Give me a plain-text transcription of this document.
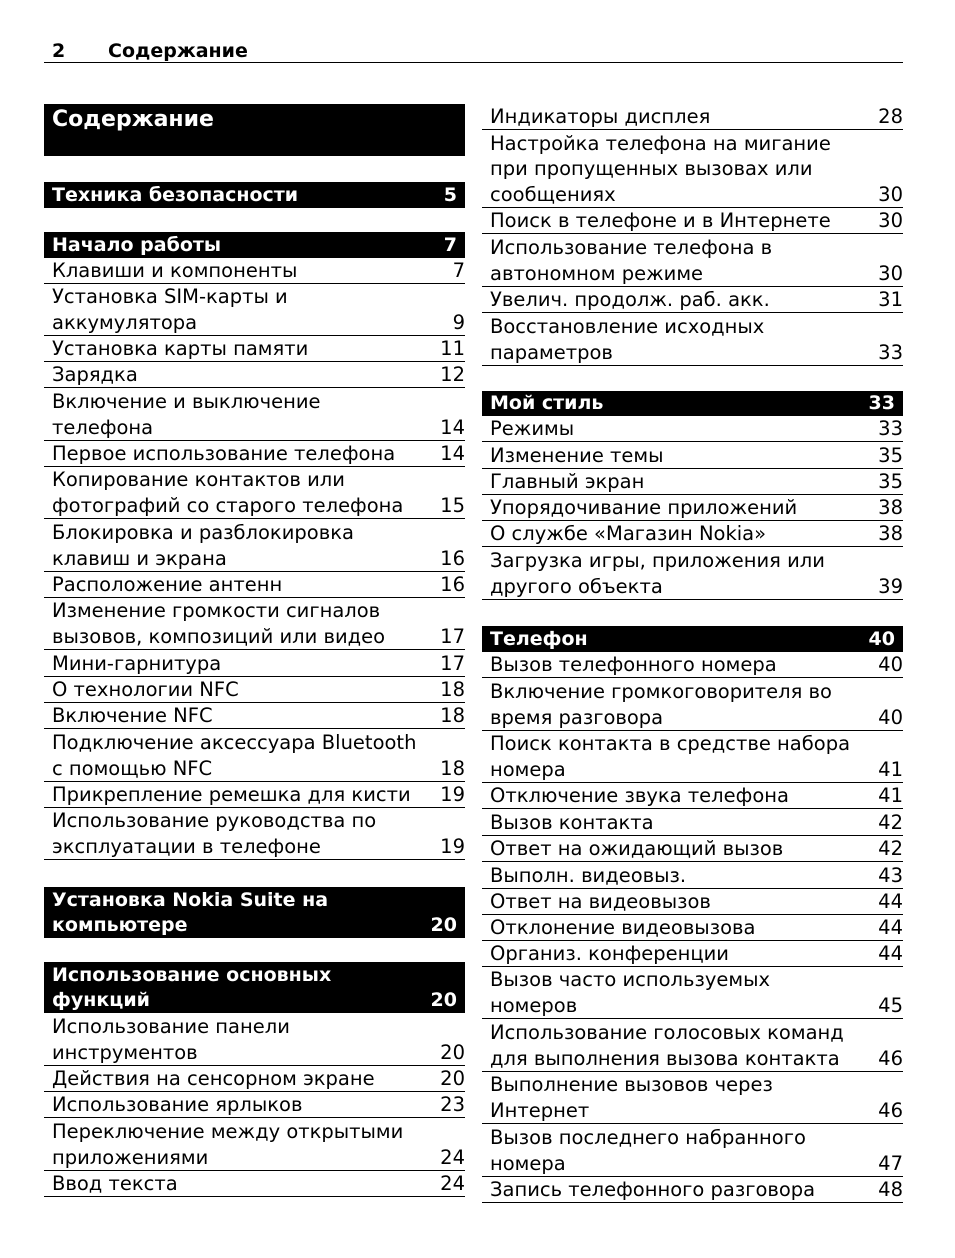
2 Содержание
Содержание
Техника безопасности	5
Начало работы	7
Клавиши и компоненты	7
Установка SIM-карты и
аккумулятора	9
Установка карты памяти	11
Зарядка	12
Включение и выключение
телефона	14
Первое использование телефона	14
Копирование контактов или
фотографий со старого телефона	15
Блокировка и разблокировка
клавиш и экрана	16
Расположение антенн	16
Изменение громкости сигналов
вызовов, композиций или видео	17
Мини-гарнитура	17
О технологии NFC	18
Включение NFC	18
Подключение аксессуара Bluetooth
с помощью NFC	18
Прикрепление ремешка для кисти	19
Использование руководства по
эксплуатации в телефоне	19
Установка Nokia Suite на
компьютере	20
Использование основных
функций	20
Использование панели
инструментов	20
Действия на сенсорном экране	20
Использование ярлыков	23
Переключение между открытыми
приложениями	24
Ввод текста	24
Индикаторы дисплея	28
Настройка телефона на мигание
при пропущенных вызовах или
сообщениях	30
Поиск в телефоне и в Интернете	30
Использование телефона в
автономном режиме	30
Увелич. продолж. раб. акк.	31
Восстановление исходных
параметров	33
Мой стиль	33
Режимы	33
Изменение темы	35
Главный экран	35
Упорядочивание приложений	38
О службе «Магазин Nokia»	38
Загрузка игры, приложения или
другого объекта	39
Телефон	40
Вызов телефонного номера	40
Включение громкоговорителя во
время разговора	40
Поиск контакта в средстве набора
номера	41
Отключение звука телефона	41
Вызов контакта	42
Ответ на ожидающий вызов	42
Выполн. видеовыз.	43
Ответ на видеовызов	44
Отклонение видеовызова	44
Организ. конференции	44
Вызов часто используемых
номеров	45
Использование голосовых команд
для выполнения вызова контакта	46
Выполнение вызовов через
Интернет	46
Вызов последнего набранного
номера	47
Запись телефонного разговора	48
